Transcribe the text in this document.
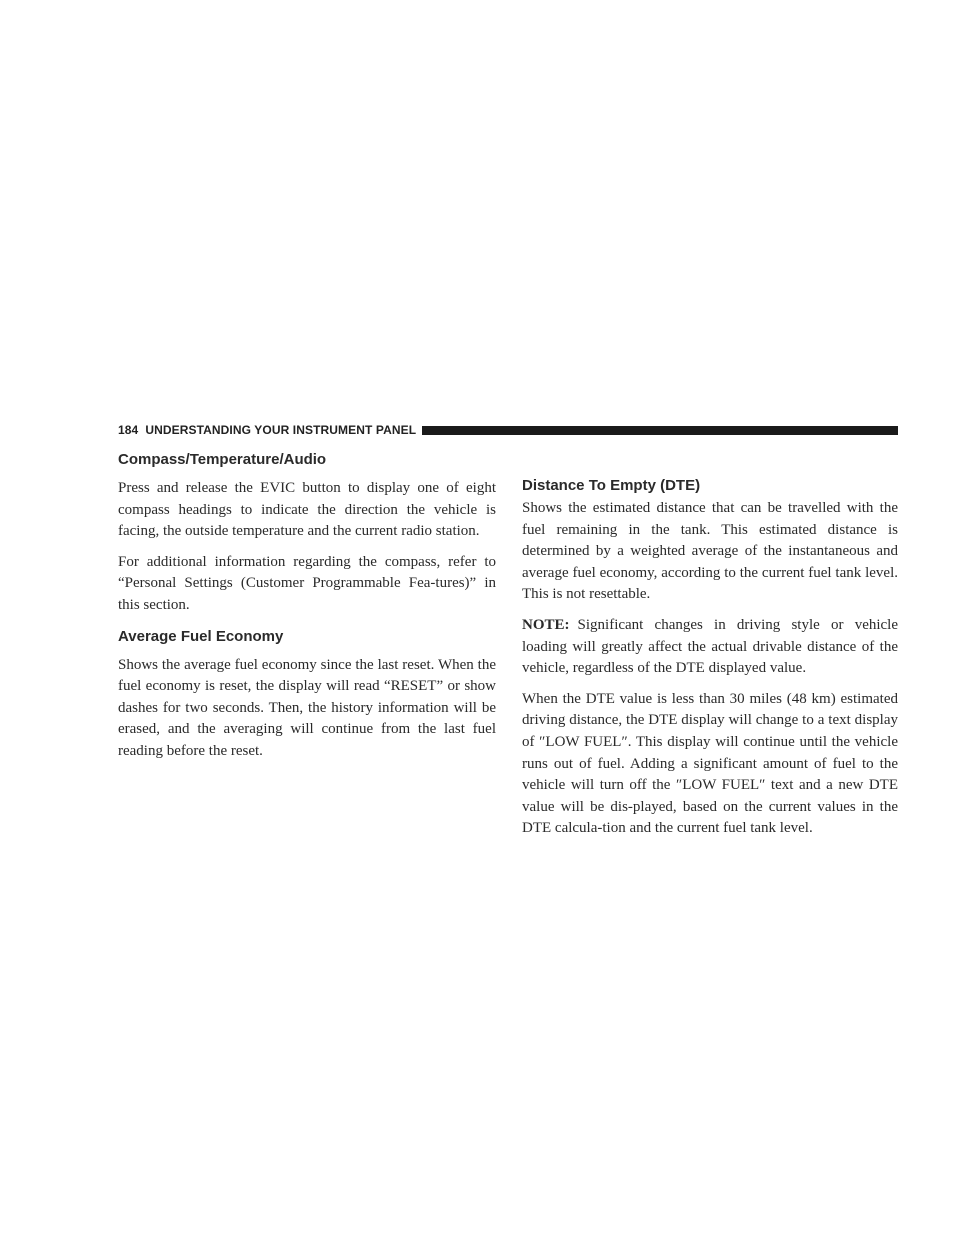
184 UNDERSTANDING YOUR INSTRUMENT PANEL
Compass/Temperature/Audio

Press and release the EVIC button to display one of eight compass headings to indicate the direction the vehicle is facing, the outside temperature and the current radio station.

For additional information regarding the compass, refer to “Personal Settings (Customer Programmable Fea-tures)” in this section.

Average Fuel Economy

Shows the average fuel economy since the last reset. When the fuel economy is reset, the display will read “RESET” or show dashes for two seconds. Then, the history information will be erased, and the averaging will continue from the last fuel reading before the reset.

Distance To Empty (DTE)

Shows the estimated distance that can be travelled with the fuel remaining in the tank. This estimated distance is determined by a weighted average of the instantaneous and average fuel economy, according to the current fuel tank level. This is not resettable.

NOTE: Significant changes in driving style or vehicle loading will greatly affect the actual drivable distance of the vehicle, regardless of the DTE displayed value.

When the DTE value is less than 30 miles (48 km) estimated driving distance, the DTE display will change to a text display of ″LOW FUEL″. This display will continue until the vehicle runs out of fuel. Adding a significant amount of fuel to the vehicle will turn off the ″LOW FUEL″ text and a new DTE value will be dis-played, based on the current values in the DTE calcula-tion and the current fuel tank level.
